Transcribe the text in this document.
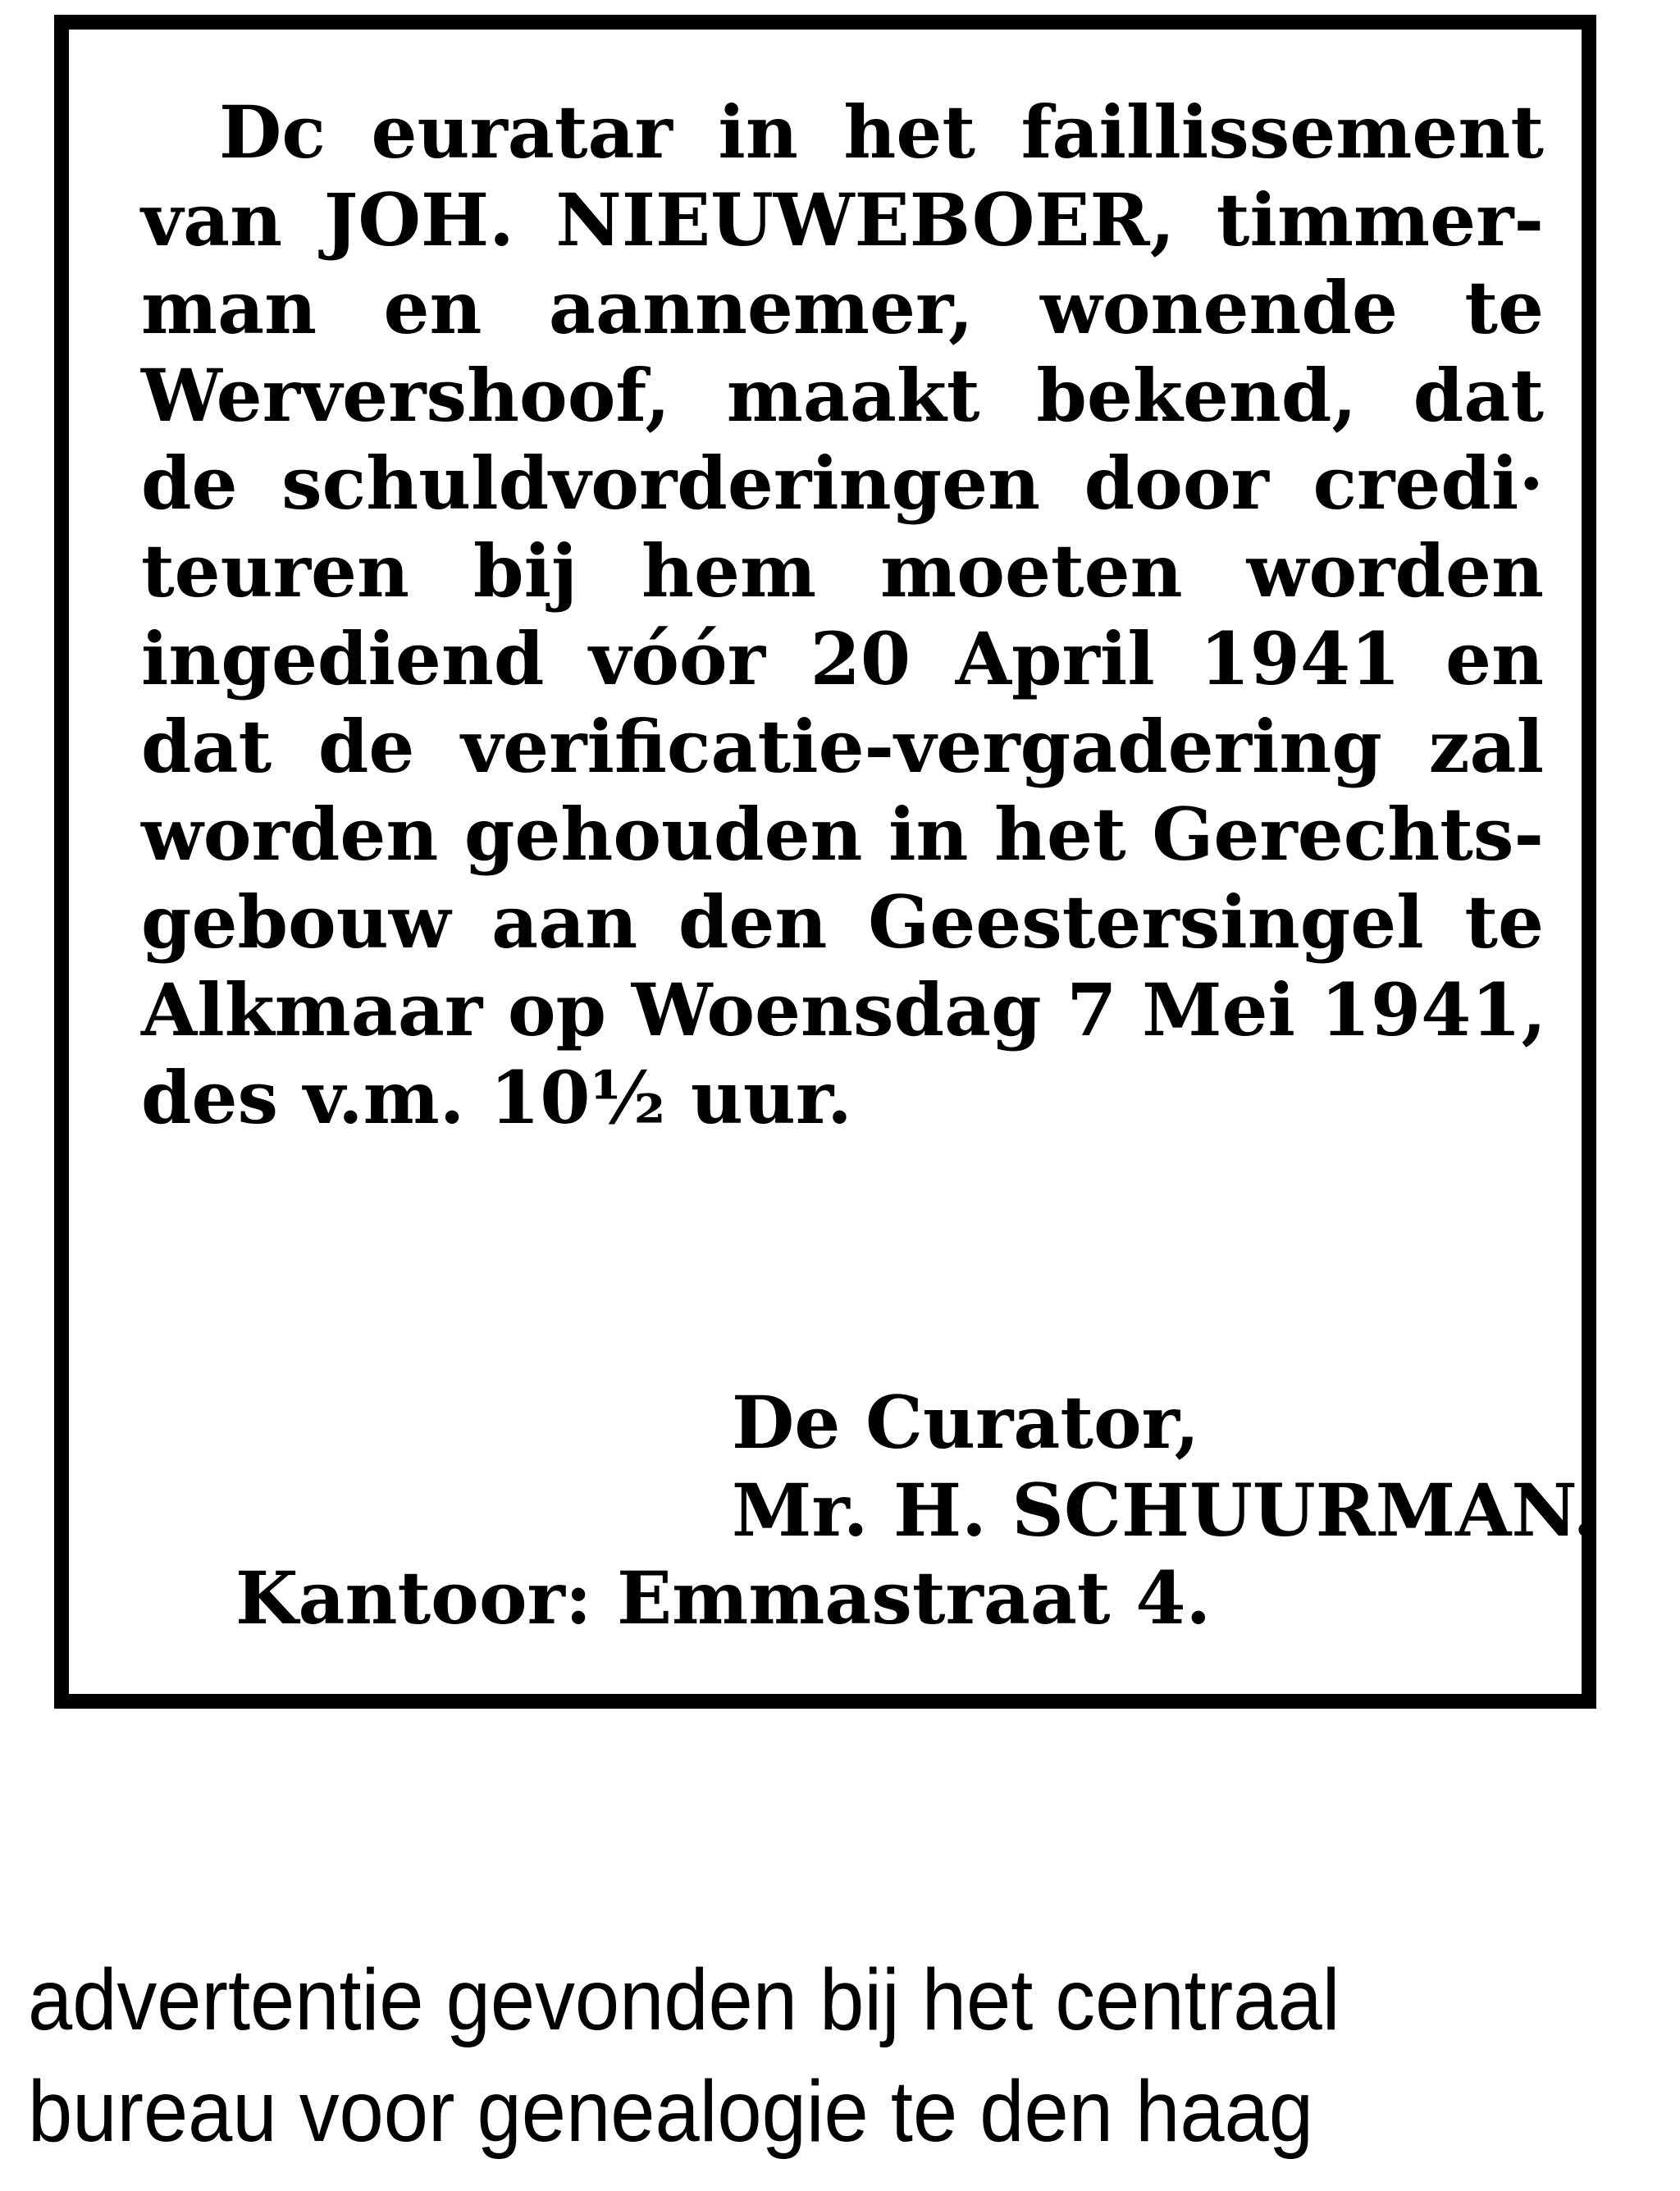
Dc euratar in het faillissement
van JOH. NIEUWEBOER, timmer-
man en aannemer, wonende te
Wervershoof, maakt bekend, dat
de schuldvorderingen door credi·
teuren bij hem moeten worden
ingediend vóór 20 April 1941 en
dat de verificatie-vergadering zal
worden gehouden in het Gerechts-
gebouw aan den Geestersingel te
Alkmaar op Woensdag 7 Mei 1941,
des v.m. 10½ uur.
De Curator,
Mr. H. SCHUURMAN.
Kantoor: Emmastraat 4.
advertentie gevonden bij het centraal
bureau voor genealogie te den haag
